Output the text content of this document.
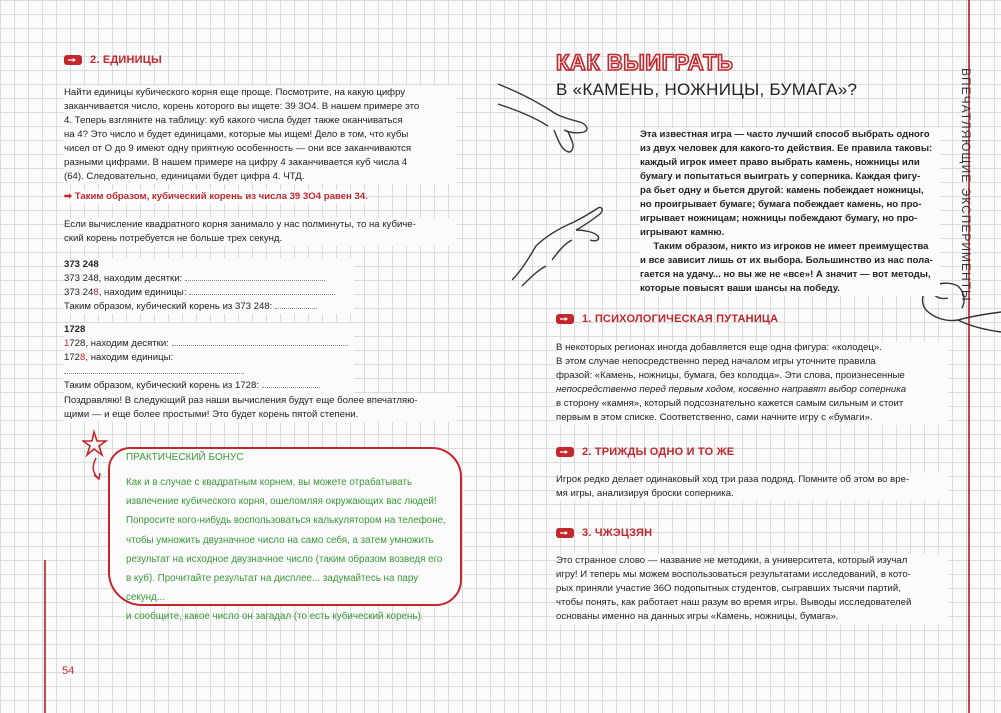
2. ЕДИНИЦЫ
Найти единицы кубического корня еще проще. Посмотрите, на какую цифру
заканчивается число, корень которого вы ищете: 39 3О4. В нашем примере это
4. Теперь взгляните на таблицу: куб какого числа будет также оканчиваться
на 4? Это число и будет единицами, которые мы ищем! Дело в том, что кубы
чисел от О до 9 имеют одну приятную особенность — они все заканчиваются
разными цифрами. В нашем примере на цифру 4 заканчивается куб числа 4
(64). Следовательно, единицами будет цифра 4. ЧТД.
➡ Таким образом, кубический корень из числа 39 3О4 равен 34.
Если вычисление квадратного корня занимало у нас полминуты, то на кубиче-
ский корень потребуется не больше трех секунд.
373 248
373 248, находим десятки:
373 248, находим единицы:
Таким образом, кубический корень из 373 248:
1728
1728, находим десятки:
1728, находим единицы:
Таким образом, кубический корень из 1728:
Поздравляю! В следующий раз наши вычисления будут еще более впечатляю-
щими — и еще более простыми! Это будет корень пятой степени.
ПРАКТИЧЕСКИЙ БОНУС
Как и в случае с квадратным корнем, вы можете отрабатывать
извлечение кубического корня, ошеломляя окружающих вас людей!
Попросите кого-нибудь воспользоваться калькулятором на телефоне,
чтобы умножить двузначное число на само себя, а затем умножить
результат на исходное двузначное число (таким образом возведя его
в куб). Прочитайте результат на дисплее... задумайтесь на пару секунд...
и сообщите, какое число он загадал (то есть кубический корень).
54
КАК ВЫИГРАТЬ
В «КАМЕНЬ, НОЖНИЦЫ, БУМАГА»?
Эта известная игра — часто лучший способ выбрать одного
из двух человек для какого-то действия. Ее правила таковы:
каждый игрок имеет право выбрать камень, ножницы или
бумагу и попытаться выиграть у соперника. Каждая фигу-
ра бьет одну и бьется другой: камень побеждает ножницы,
но проигрывает бумаге; бумага побеждает камень, но про-
игрывает ножницам; ножницы побеждают бумагу, но про-
игрывают камню.
Таким образом, никто из игроков не имеет преимущества
и все зависит лишь от их выбора. Большинство из нас пола-
гается на удачу... но вы же не «все»! А значит — вот методы,
которые повысят ваши шансы на победу.
1. ПСИХОЛОГИЧЕСКАЯ ПУТАНИЦА
В некоторых регионах иногда добавляется еще одна фигура: «колодец».
В этом случае непосредственно перед началом игры уточните правила
фразой: «Камень, ножницы, бумага, без колодца». Эти слова, произнесенные
непосредственно перед первым ходом, косвенно направят выбор соперника
в сторону «камня», который подсознательно кажется самым сильным и стоит
первым в этом списке. Соответственно, сами начните игру с «бумаги».
2. ТРИЖДЫ ОДНО И ТО ЖЕ
Игрок редко делает одинаковый ход три раза подряд. Помните об этом во вре-
мя игры, анализируя броски соперника.
3. ЧЖЭЦЗЯН
Это странное слово — название не методики, а университета, который изучал
игру! И теперь мы можем воспользоваться результатами исследований, в кото-
рых приняли участие 36О подопытных студентов, сыгравших тысячи партий,
чтобы понять, как работает наш разум во время игры. Выводы исследователей
основаны именно на данных игры «Камень, ножницы, бумага».
ВПЕЧАТЛЯЮЩИЕ ЭКСПЕРИМЕНТЫ
